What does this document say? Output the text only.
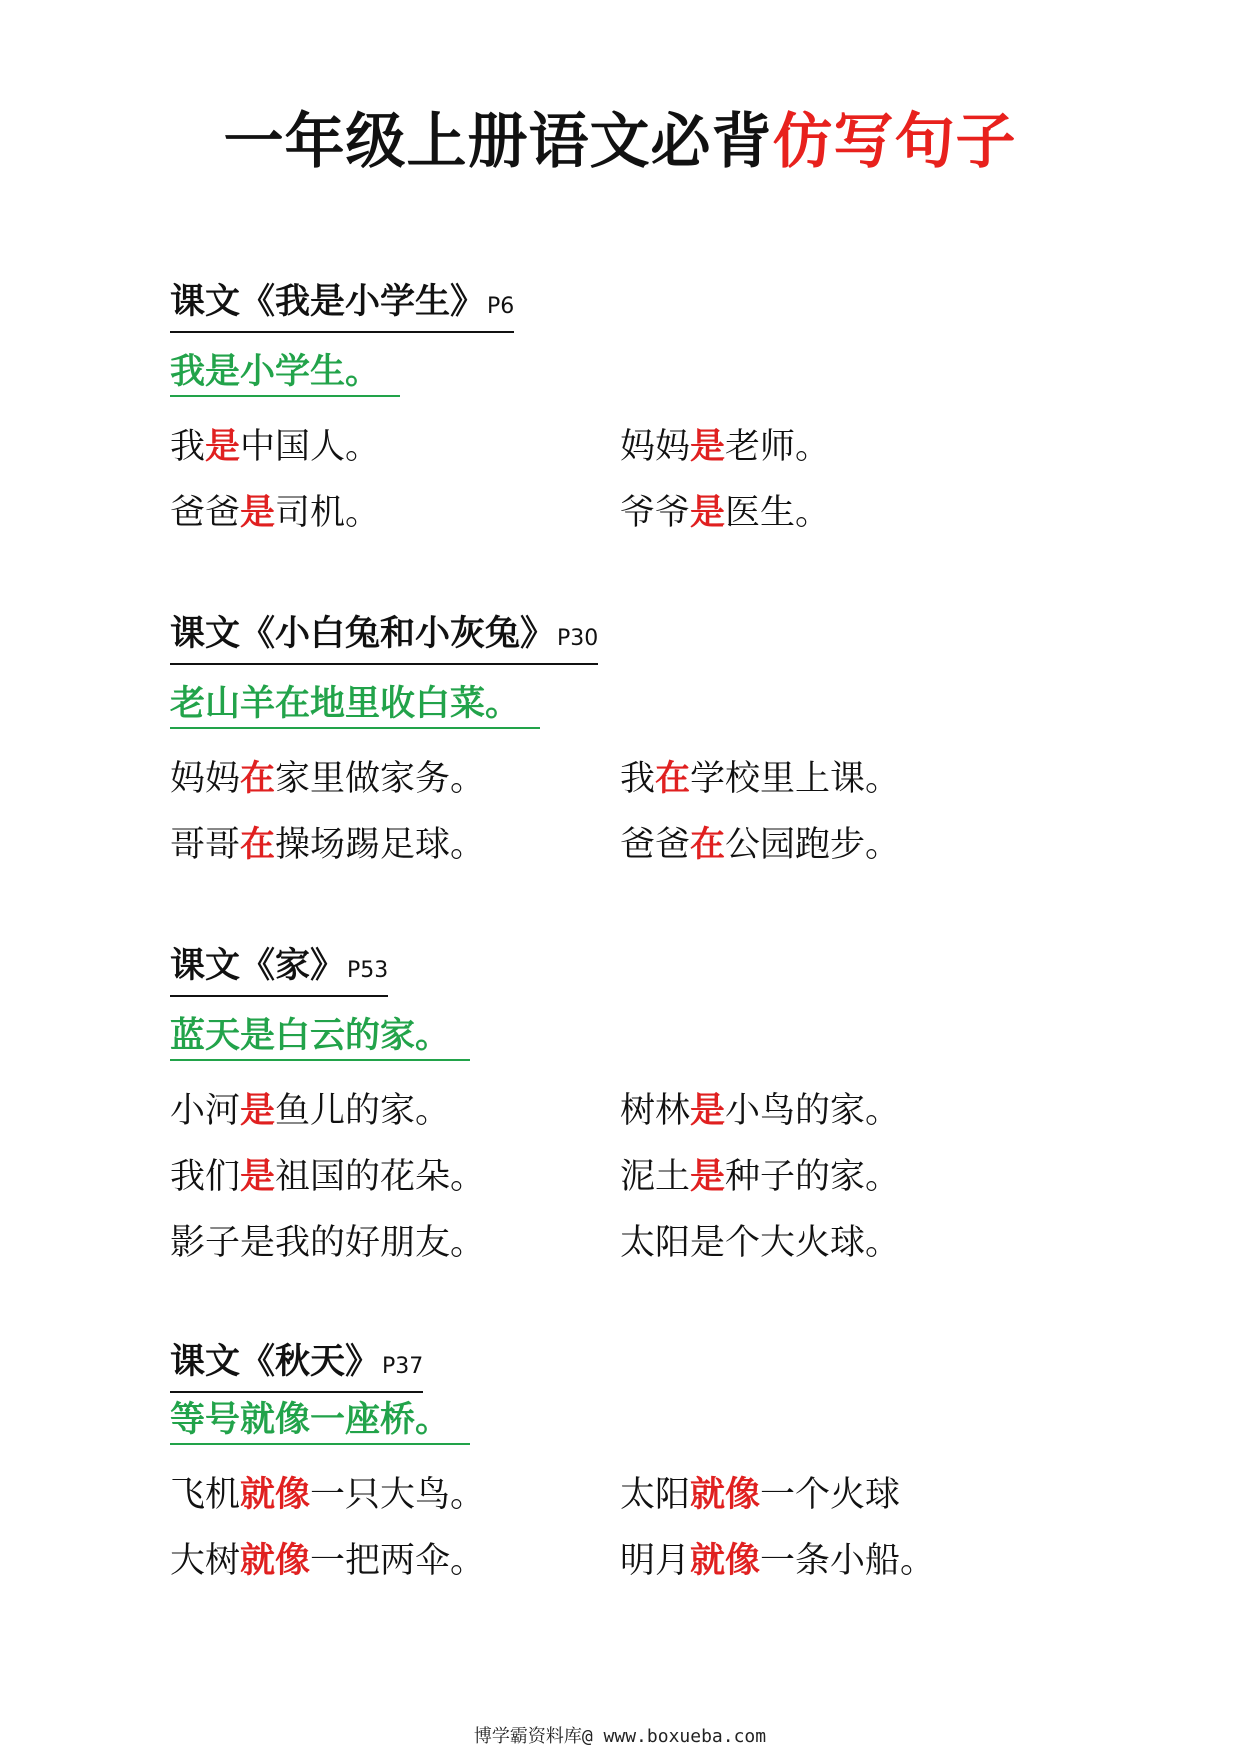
一年级上册语文必背仿写句子
课文《我是小学生》P6
我是小学生。
我是中国人。	妈妈是老师。
爸爸是司机。	爷爷是医生。
课文《小白兔和小灰兔》P30
老山羊在地里收白菜。
妈妈在家里做家务。	我在学校里上课。
哥哥在操场踢足球。	爸爸在公园跑步。
课文《家》P53
蓝天是白云的家。
小河是鱼儿的家。	树林是小鸟的家。
我们是祖国的花朵。	泥土是种子的家。
影子是我的好朋友。	太阳是个大火球。
课文《秋天》P37
等号就像一座桥。
飞机就像一只大鸟。	太阳就像一个火球
大树就像一把两伞。	明月就像一条小船。
博学霸资料库@ www.boxueba.com
